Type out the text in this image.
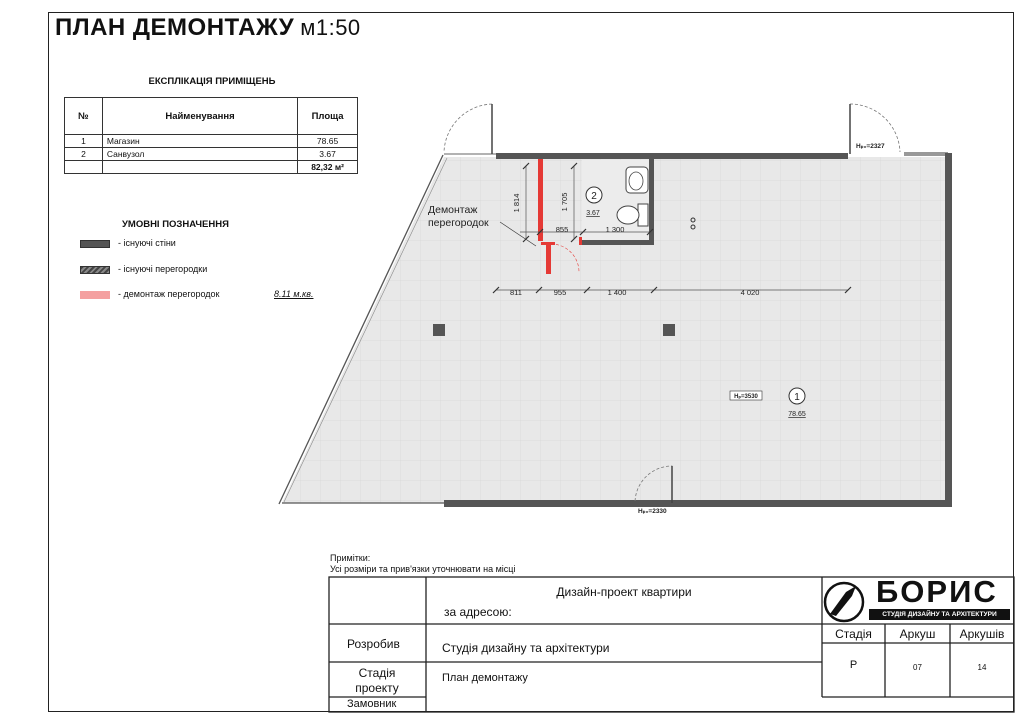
ПЛАН ДЕМОНТАЖУ м1:50
ЕКСПЛІКАЦІЯ ПРИМІЩЕНЬ
№	Найменування	Площа
1	Магазин	78.65
2	Санвузол	3.67
		82,32 м²
УМОВНІ ПОЗНАЧЕННЯ
- існуючі стіни
- існуючі перегородки
- демонтаж перегородок	8.11 м.кв.	811	955	1 400	4 020
855	1 300
1 814	1 705
Демонтаж
перегородок
Hₚ₀=2327
Hₚ₀=2330
Hₚ=3530	1
78.65
2
3.67
Примітки:
Усі розміри та прив'язки уточнювати на місці
Дизайн-проект квартири
за адресою:
Розробив	Студія дизайну та архітектури
Стадія проекту
План демонтажу
Замовник
Стадія	Аркуш	Аркушів
Р	07	14
БОРИС
СТУДІЯ ДИЗАЙНУ ТА АРХІТЕКТУРИ
